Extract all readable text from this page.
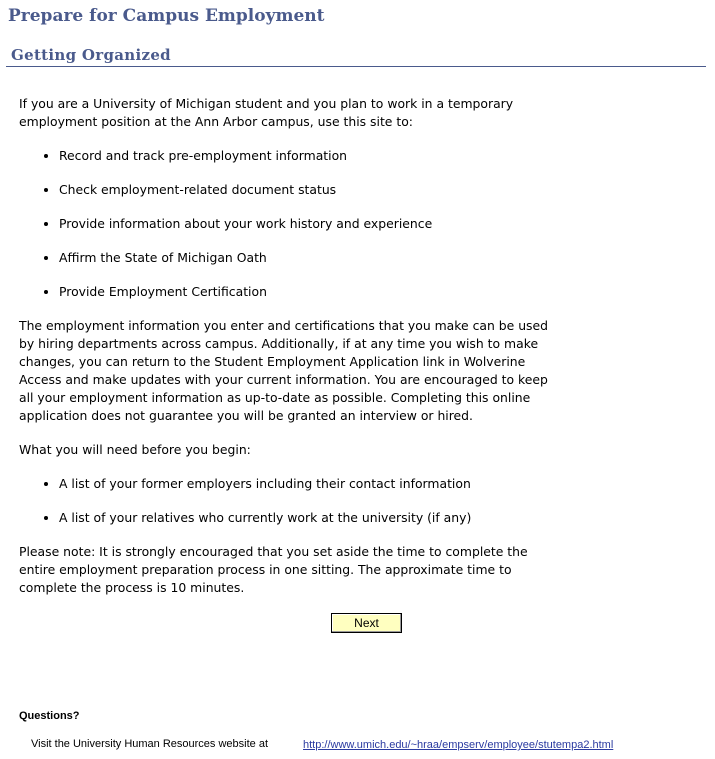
Prepare for Campus Employment
Getting Organized

If you are a University of Michigan student and you plan to work in a temporary employment position at the Ann Arbor campus, use this site to:

• Record and track pre-employment information
• Check employment-related document status
• Provide information about your work history and experience
• Affirm the State of Michigan Oath
• Provide Employment Certification

The employment information you enter and certifications that you make can be used by hiring departments across campus. Additionally, if at any time you wish to make changes, you can return to the Student Employment Application link in Wolverine Access and make updates with your current information. You are encouraged to keep all your employment information as up-to-date as possible. Completing this online application does not guarantee you will be granted an interview or hired.

What you will need before you begin:

• A list of your former employers including their contact information
• A list of your relatives who currently work at the university (if any)

Please note: It is strongly encouraged that you set aside the time to complete the entire employment preparation process in one sitting. The approximate time to complete the process is 10 minutes.

Next
Questions?
Visit the University Human Resources website at	http://www.umich.edu/~hraa/empserv/employee/stutempa2.html
